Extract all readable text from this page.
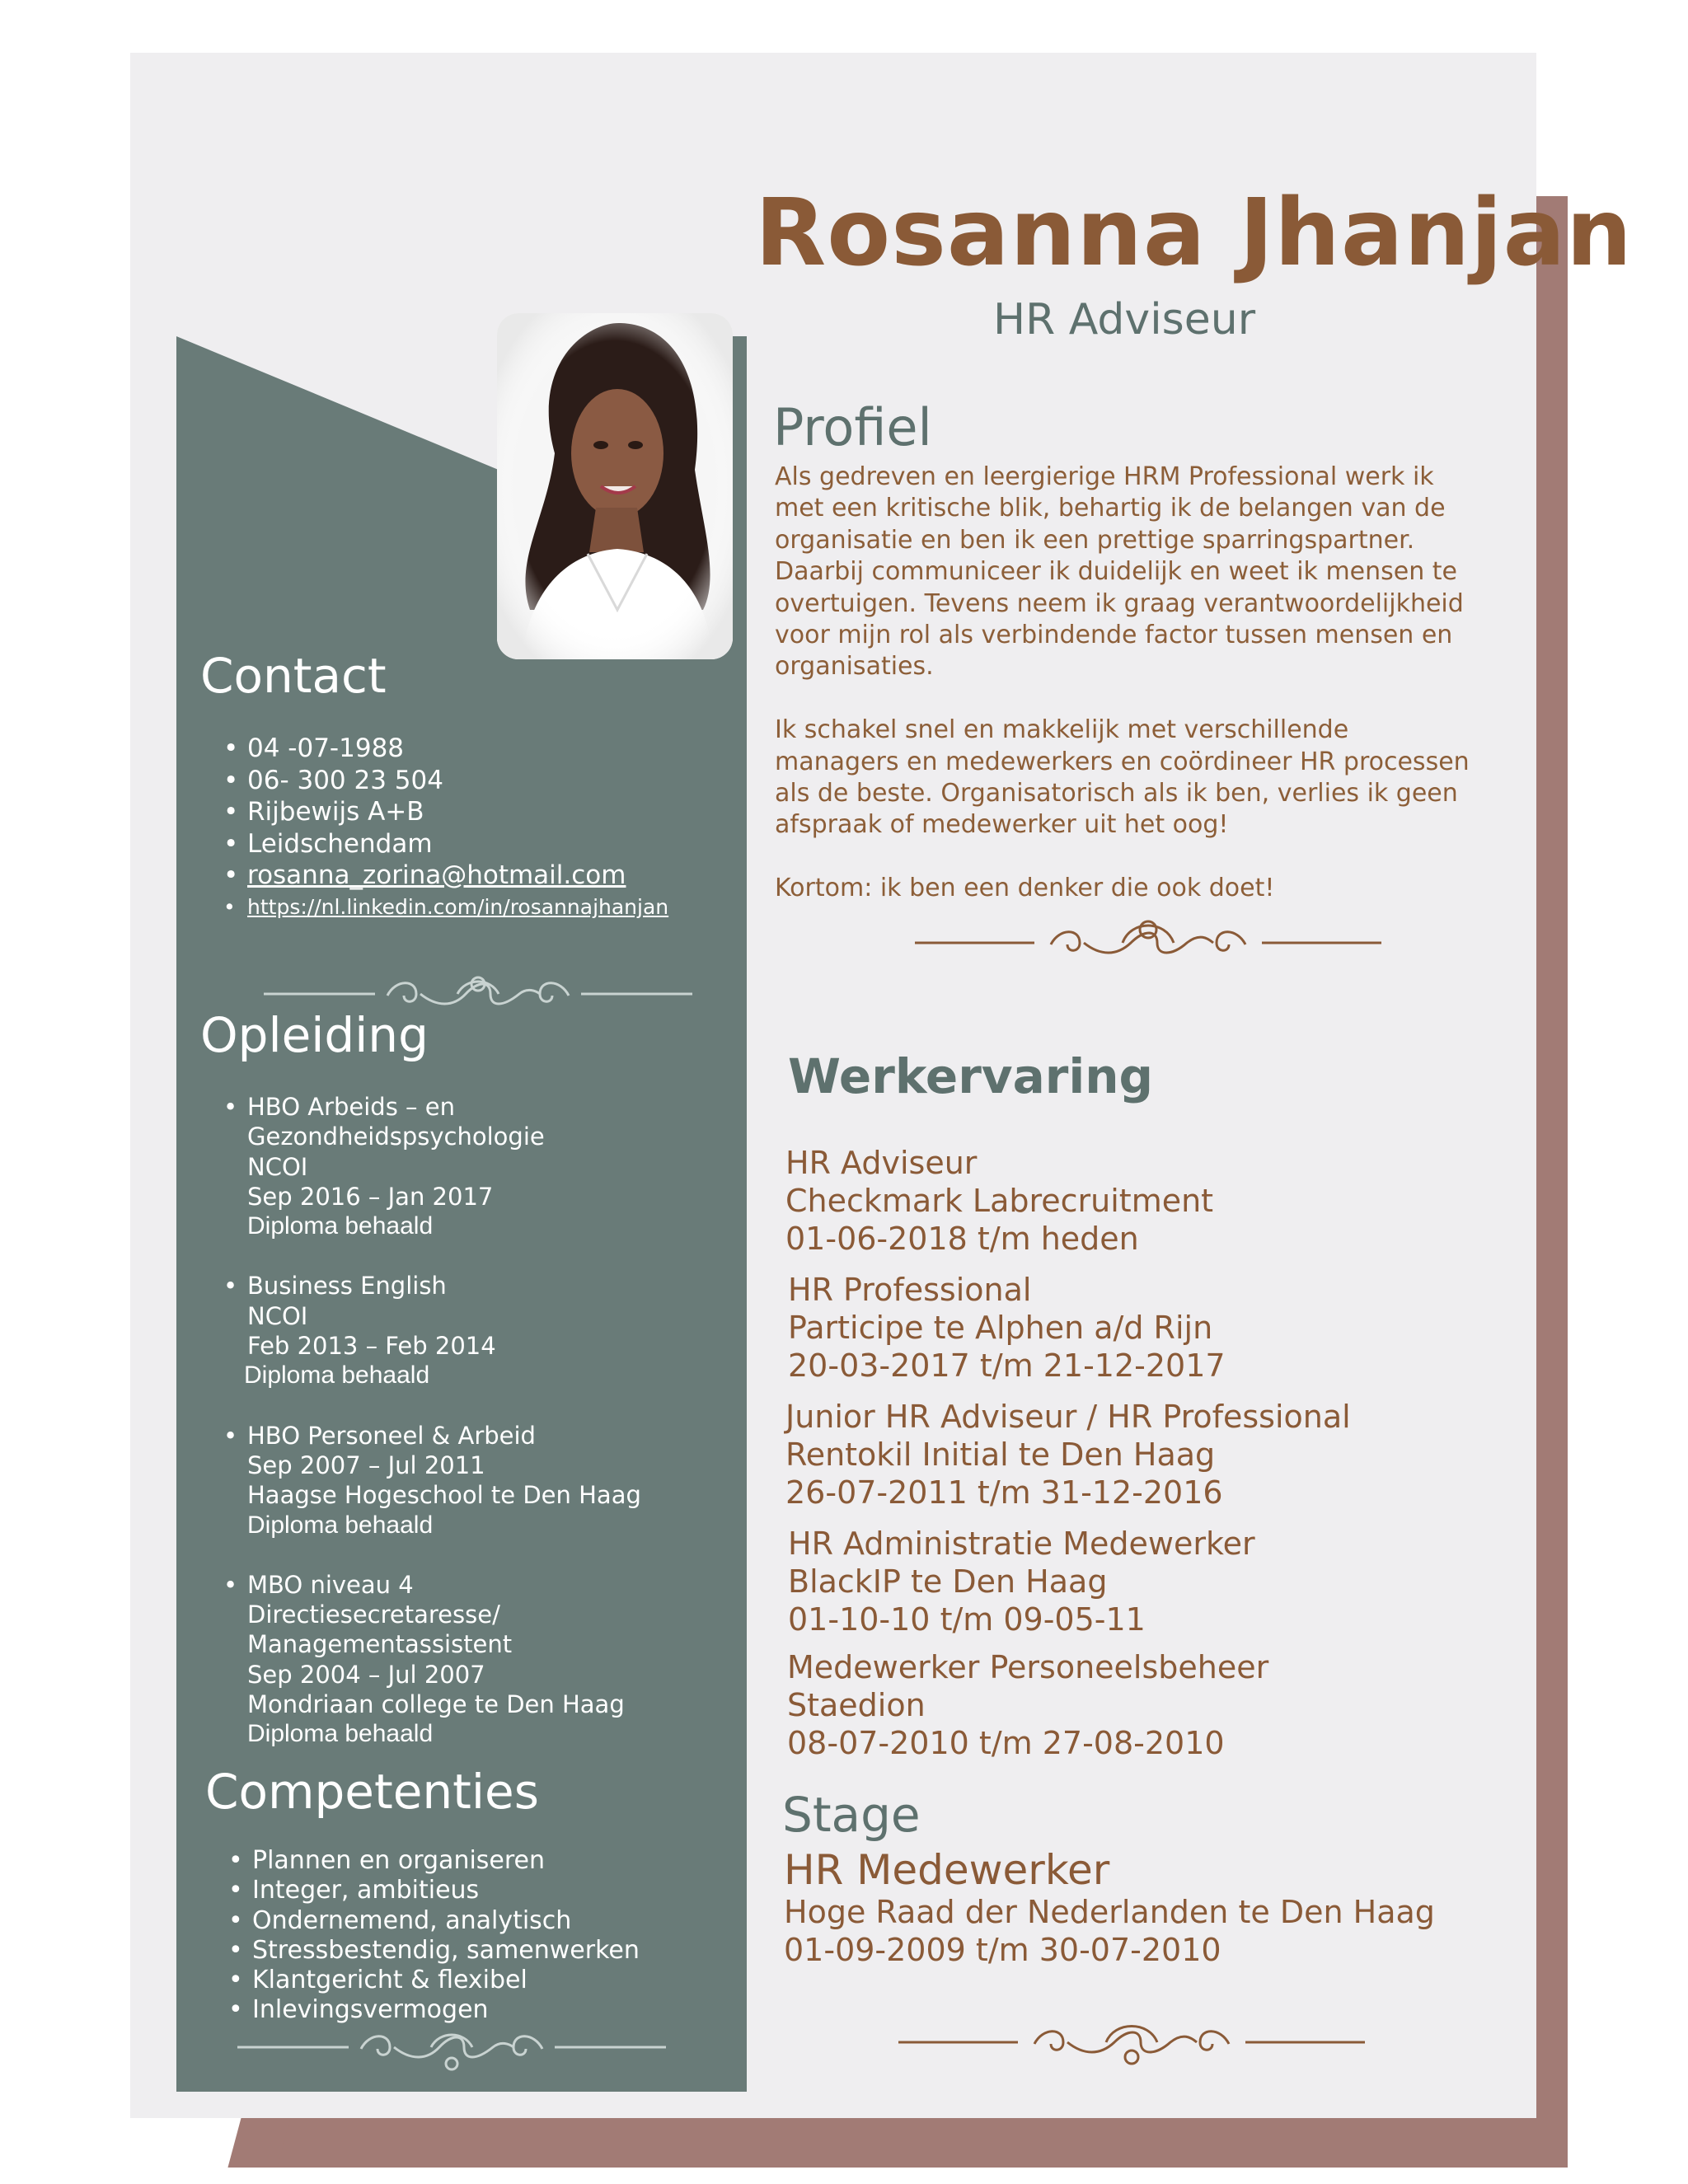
Rosanna Jhanjan
HR Adviseur
Contact
• 04 -07-1988
• 06- 300 23 504
• Rijbewijs A+B
• Leidschendam
• rosanna_zorina@hotmail.com
• https://nl.linkedin.com/in/rosannajhanjan
Opleiding
• HBO Arbeids – en
Gezondheidspsychologie
NCOI
Sep 2016 – Jan 2017
Diploma behaald
• Business English
NCOI
Feb 2013 – Feb 2014
Diploma behaald
• HBO Personeel & Arbeid
Sep 2007 – Jul 2011
Haagse Hogeschool te Den Haag
Diploma behaald
• MBO niveau 4
Directiesecretaresse/
Managementassistent
Sep 2004 – Jul 2007
Mondriaan college te Den Haag
Diploma behaald
Competenties
• Plannen en organiseren
• Integer, ambitieus
• Ondernemend, analytisch
• Stressbestendig, samenwerken
• Klantgericht & flexibel
• Inlevingsvermogen
Profiel
Als gedreven en leergierige HRM Professional werk ik
met een kritische blik, behartig ik de belangen van de
organisatie en ben ik een prettige sparringspartner.
Daarbij communiceer ik duidelijk en weet ik mensen te
overtuigen. Tevens neem ik graag verantwoordelijkheid
voor mijn rol als verbindende factor tussen mensen en
organisaties.
Ik schakel snel en makkelijk met verschillende
managers en medewerkers en coördineer HR processen
als de beste. Organisatorisch als ik ben, verlies ik geen
afspraak of medewerker uit het oog!
Kortom: ik ben een denker die ook doet!
Werkervaring
HR Adviseur
Checkmark Labrecruitment
01-06-2018 t/m heden
HR Professional
Participe te Alphen a/d Rijn
20-03-2017 t/m 21-12-2017
Junior HR Adviseur / HR Professional
Rentokil Initial te Den Haag
26-07-2011 t/m 31-12-2016
HR Administratie Medewerker
BlackIP te Den Haag
01-10-10 t/m 09-05-11
Medewerker Personeelsbeheer
Staedion
08-07-2010 t/m 27-08-2010
Stage
HR Medewerker
Hoge Raad der Nederlanden te Den Haag
01-09-2009 t/m 30-07-2010
